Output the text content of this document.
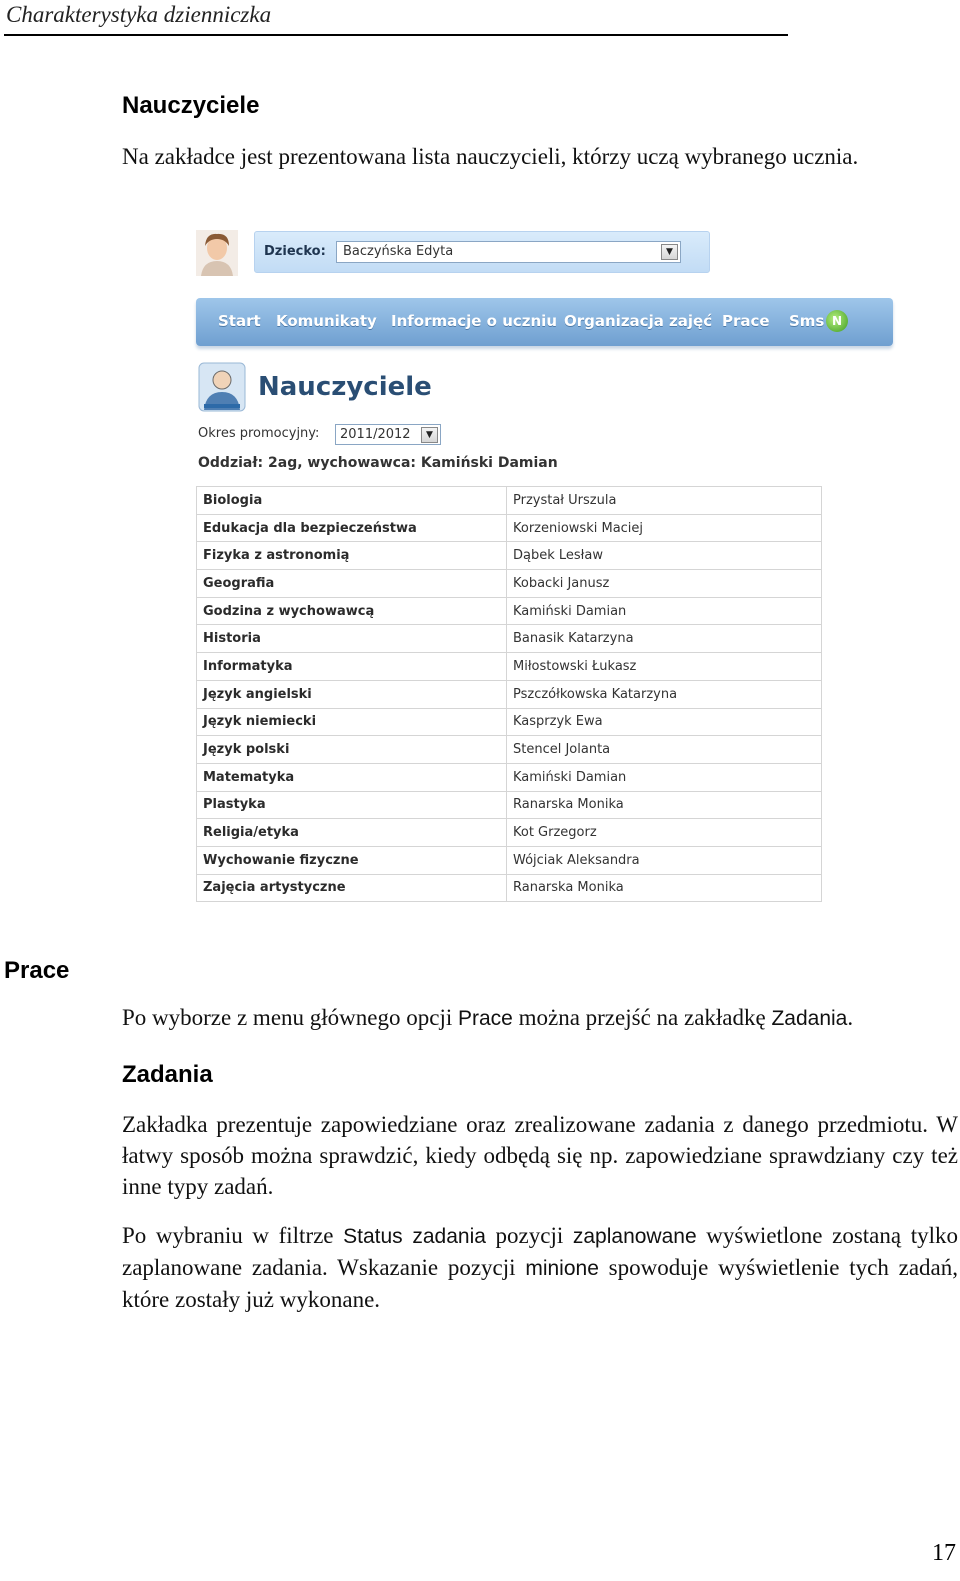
Charakterystyka dzienniczka
Nauczyciele
Na zakładce jest prezentowana lista nauczycieli, którzy uczą wybranego ucznia.
Dziecko:	Baczyńska Edyta	▼
Start Komunikaty Informacje o uczniu Organizacja zajęć Prace Sms N
Nauczyciele
Okres promocyjny:	2011/2012	▼
Oddział: 2ag, wychowawca: Kamiński Damian
Biologia	Przystał Urszula
Edukacja dla bezpieczeństwa	Korzeniowski Maciej
Fizyka z astronomią	Dąbek Lesław
Geografia	Kobacki Janusz
Godzina z wychowawcą	Kamiński Damian
Historia	Banasik Katarzyna
Informatyka	Miłostowski Łukasz
Język angielski	Pszczółkowska Katarzyna
Język niemiecki	Kasprzyk Ewa
Język polski	Stencel Jolanta
Matematyka	Kamiński Damian
Plastyka	Ranarska Monika
Religia/etyka	Kot Grzegorz
Wychowanie fizyczne	Wójciak Aleksandra
Zajęcia artystyczne	Ranarska Monika
Prace
Po wyborze z menu głównego opcji Prace można przejść na zakładkę Zadania.
Zadania
Zakładka prezentuje zapowiedziane oraz zrealizowane zadania z danego przedmiotu. W łatwy sposób można sprawdzić, kiedy odbędą się np. zapowiedziane sprawdziany czy też inne typy zadań.
Po wybraniu w filtrze Status zadania pozycji zaplanowane wyświetlone zostaną tylko zaplanowane zadania. Wskazanie pozycji minione spowoduje wyświetlenie tych zadań, które zostały już wykonane.
17
